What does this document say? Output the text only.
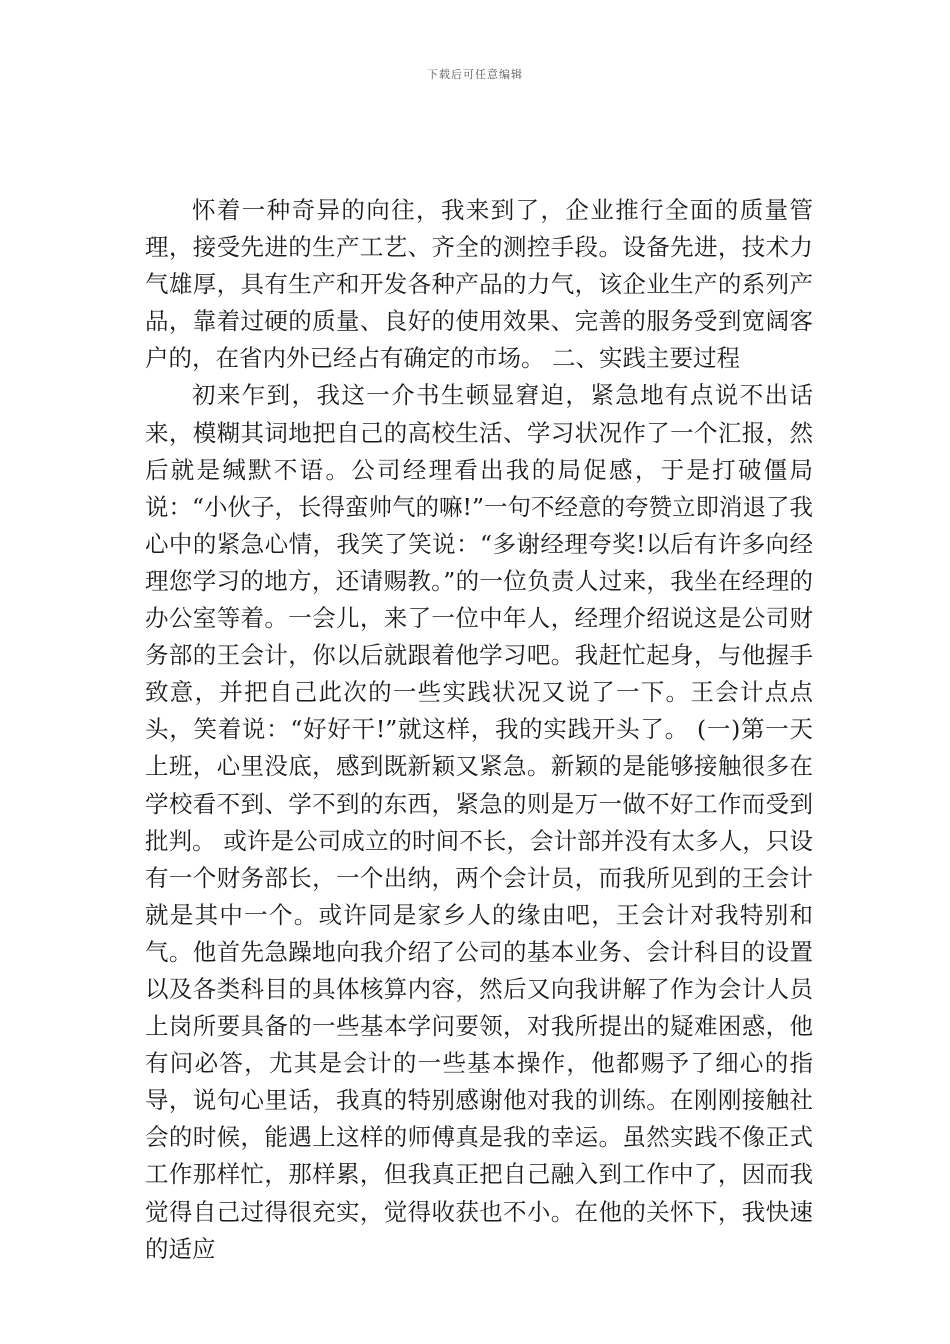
下载后可任意编辑

怀着一种奇异的向往，我来到了，企业推行全面的质量管理，接受先进的生产工艺、齐全的测控手段。设备先进，技术力气雄厚，具有生产和开发各种产品的力气，该企业生产的系列产品，靠着过硬的质量、良好的使用效果、完善的服务受到宽阔客户的，在省内外已经占有确定的市场。 二、实践主要过程

初来乍到，我这一介书生顿显窘迫，紧急地有点说不出话来，模糊其词地把自己的高校生活、学习状况作了一个汇报，然后就是缄默不语。公司经理看出我的局促感，于是打破僵局说：“小伙子，长得蛮帅气的嘛!”一句不经意的夸赞立即消退了我心中的紧急心情，我笑了笑说：“多谢经理夸奖!以后有许多向经理您学习的地方，还请赐教。”的一位负责人过来，我坐在经理的办公室等着。一会儿，来了一位中年人，经理介绍说这是公司财务部的王会计，你以后就跟着他学习吧。我赶忙起身，与他握手致意，并把自己此次的一些实践状况又说了一下。王会计点点头，笑着说：“好好干!”就这样，我的实践开头了。 (一)第一天上班，心里没底，感到既新颖又紧急。新颖的是能够接触很多在学校看不到、学不到的东西，紧急的则是万一做不好工作而受到批判。 或许是公司成立的时间不长，会计部并没有太多人，只设有一个财务部长，一个出纳，两个会计员，而我所见到的王会计就是其中一个。或许同是家乡人的缘由吧，王会计对我特别和气。他首先急躁地向我介绍了公司的基本业务、会计科目的设置以及各类科目的具体核算内容，然后又向我讲解了作为会计人员上岗所要具备的一些基本学问要领，对我所提出的疑难困惑，他有问必答，尤其是会计的一些基本操作，他都赐予了细心的指导，说句心里话，我真的特别感谢他对我的训练。在刚刚接触社会的时候，能遇上这样的师傅真是我的幸运。虽然实践不像正式工作那样忙，那样累，但我真正把自己融入到工作中了，因而我觉得自己过得很充实，觉得收获也不小。在他的关怀下，我快速的适应
